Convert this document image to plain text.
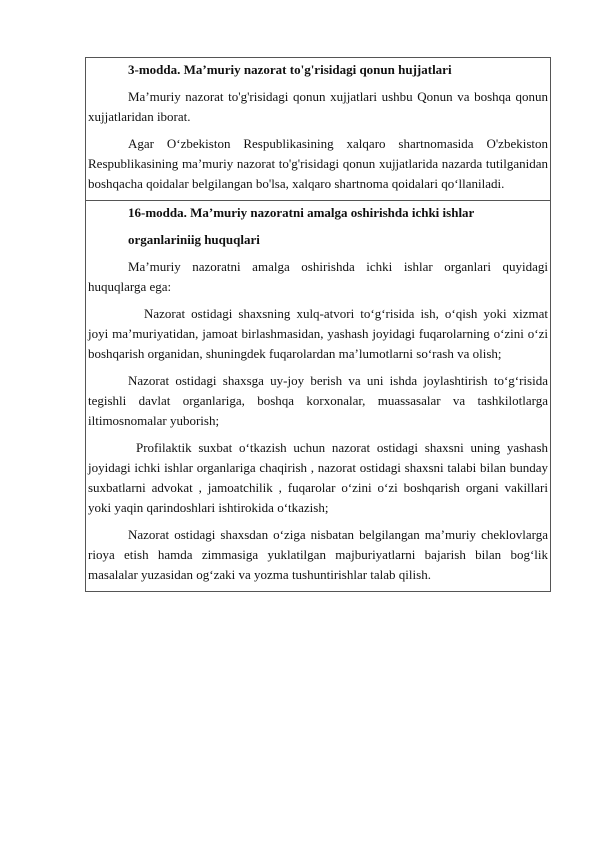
3-modda. Ma’muriy nazorat to'g'risidagi qonun hujjatlari

Ma’muriy nazorat to'g'risidagi qonun xujjatlari ushbu Qonun va boshqa qonun xujjatlaridan iborat.

Agar O‘zbekiston Respublikasining xalqaro shartnomasida O'zbekiston Respublikasining ma’muriy nazorat to'g'risidagi qonun xujjatlarida nazarda tutilganidan boshqacha qoidalar belgilangan bo'lsa, xalqaro shartnoma qoidalari qo‘llaniladi.

16-modda. Ma’muriy nazoratni amalga oshirishda ichki ishlar

organlariniig huquqlari

Ma’muriy nazoratni amalga oshirishda ichki ishlar organlari quyidagi huquqlarga ega:

Nazorat ostidagi shaxsning xulq-atvori to‘g‘risida ish, o‘qish yoki xizmat joyi ma’muriyatidan, jamoat birlashmasidan, yashash joyidagi fuqarolarning o‘zini o‘zi boshqarish organidan, shuningdek fuqarolardan ma’lumotlarni so‘rash va olish;

Nazorat ostidagi shaxsga uy-joy berish va uni ishda joylashtirish to‘g‘risida tegishli davlat organlariga, boshqa korxonalar, muassasalar va tashkilotlarga iltimosnomalar yuborish;

Profilaktik suxbat o‘tkazish uchun nazorat ostidagi shaxsni uning yashash joyidagi ichki ishlar organlariga chaqirish , nazorat ostidagi shaxsni talabi bilan bunday suxbatlarni advokat , jamoatchilik , fuqarolar o‘zini o‘zi boshqarish organi vakillari yoki yaqin qarindoshlari ishtirokida o‘tkazish;

Nazorat ostidagi shaxsdan o‘ziga nisbatan belgilangan ma’muriy cheklovlarga rioya etish hamda zimmasiga yuklatilgan majburiyatlarni bajarish bilan bog‘lik masalalar yuzasidan og‘zaki va yozma tushuntirishlar talab qilish.
